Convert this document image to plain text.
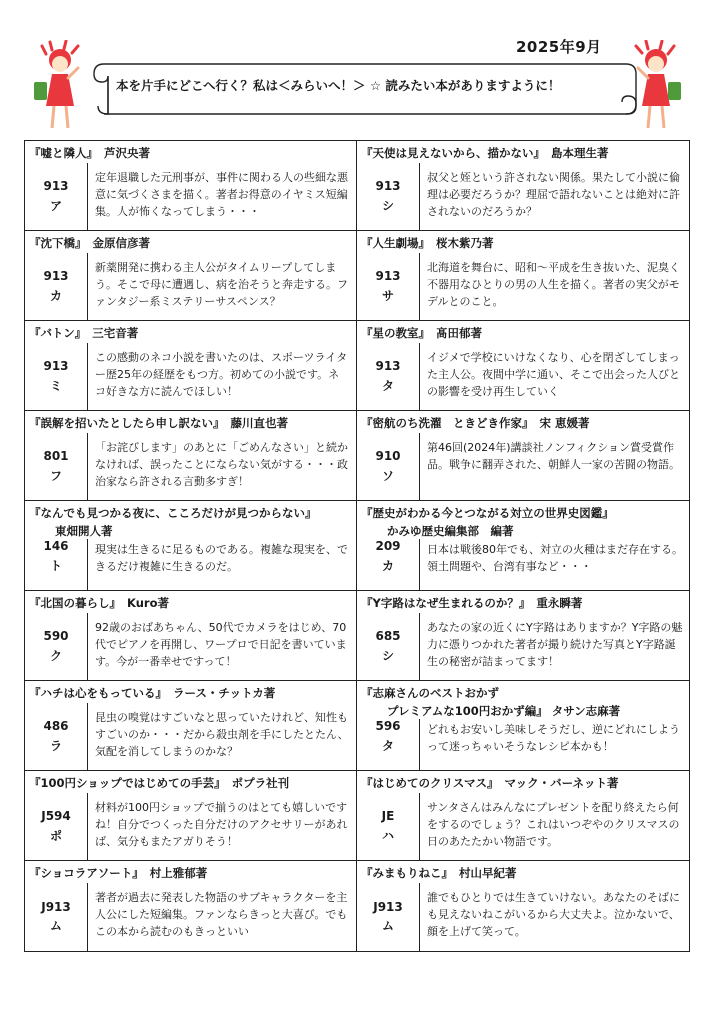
2025年9月
本を片手にどこへ行く？私は＜みらいへ！＞ ☆ 読みたい本がありますように！
『嘘と隣人』 芦沢央著
913
ア
定年退職した元刑事が、事件に関わる人の些細な悪意に気づくさまを描く。著者お得意のイヤミス短編集。人が怖くなってしまう・・・
『天使は見えないから、描かない』 島本理生著
913
シ
叔父と姪という許されない関係。果たして小説に倫理は必要だろうか？理屈で語れないことは絶対に許されないのだろうか？
『沈下橋』 金原信彦著
913
カ
新薬開発に携わる主人公がタイムリープしてしまう。そこで母に遭遇し、病を治そうと奔走する。ファンタジー系ミステリーサスペンス？
『人生劇場』 桜木紫乃著
913
サ
北海道を舞台に、昭和～平成を生き抜いた、泥臭く不器用なひとりの男の人生を描く。著者の実父がモデルとのこと。
『バトン』 三宅音著
913
ミ
この感動のネコ小説を書いたのは、スポーツライター歴25年の経歴をもつ方。初めての小説です。ネコ好きな方に読んでほしい！
『星の教室』 髙田郁著
913
タ
イジメで学校にいけなくなり、心を閉ざしてしまった主人公。夜間中学に通い、そこで出会った人びとの影響を受け再生していく
『誤解を招いたとしたら申し訳ない』 藤川直也著
801
フ
「お詫びします」のあとに「ごめんなさい」と続かなければ、誤ったことにならない気がする・・・政治家なら許される言動多すぎ！
『密航のち洗濯　ときどき作家』 宋 恵媛著
910
ソ
第46回(2024年)講談社ノンフィクション賞受賞作品。戦争に翻弄された、朝鮮人一家の苦闘の物語。
『なんでも見つかる夜に、こころだけが見つからない』
東畑開人著
146
ト
現実は生きるに足るものである。複雑な現実を、できるだけ複雑に生きるのだ。
『歴史がわかる今とつながる対立の世界史図鑑』
かみゆ歴史編集部　編著
209
カ
日本は戦後80年でも、対立の火種はまだ存在する。領土問題や、台湾有事など・・・
『北国の暮らし』 Kuro著
590
ク
92歳のおばあちゃん、50代でカメラをはじめ、70代でピアノを再開し、ワープロで日記を書いています。今が一番幸せですって！
『Y字路はなぜ生まれるのか？』 重永瞬著
685
シ
あなたの家の近くにY字路はありますか？Y字路の魅力に憑りつかれた著者が撮り続けた写真とY字路誕生の秘密が詰まってます！
『ハチは心をもっている』 ラース・チットカ著
486
ラ
昆虫の嗅覚はすごいなと思っていたけれど、知性もすごいのか・・・だから殺虫剤を手にしたとたん、気配を消してしまうのかな？
『志麻さんのベストおかず
プレミアムな100円おかず編』 タサン志麻著
596
タ
どれもお安いし美味しそうだし、逆にどれにしようって迷っちゃいそうなレシピ本かも！
『100円ショップではじめての手芸』 ポプラ社刊
J594
ポ
材料が100円ショップで揃うのはとても嬉しいですね！自分でつくった自分だけのアクセサリーがあれば、気分もまたアガりそう！
『はじめてのクリスマス』 マック・バーネット著
JE
ハ
サンタさんはみんなにプレゼントを配り終えたら何をするのでしょう？これはいつぞやのクリスマスの日のあたたかい物語です。
『ショコラアソート』 村上雅郁著
J913
ム
著者が過去に発表した物語のサブキャラクターを主人公にした短編集。ファンならきっと大喜び。でもこの本から読むのもきっといい
『みまもりねこ』 村山早紀著
J913
ム
誰でもひとりでは生きていけない。あなたのそばにも見えないねこがいるから大丈夫よ。泣かないで、顔を上げて笑って。
